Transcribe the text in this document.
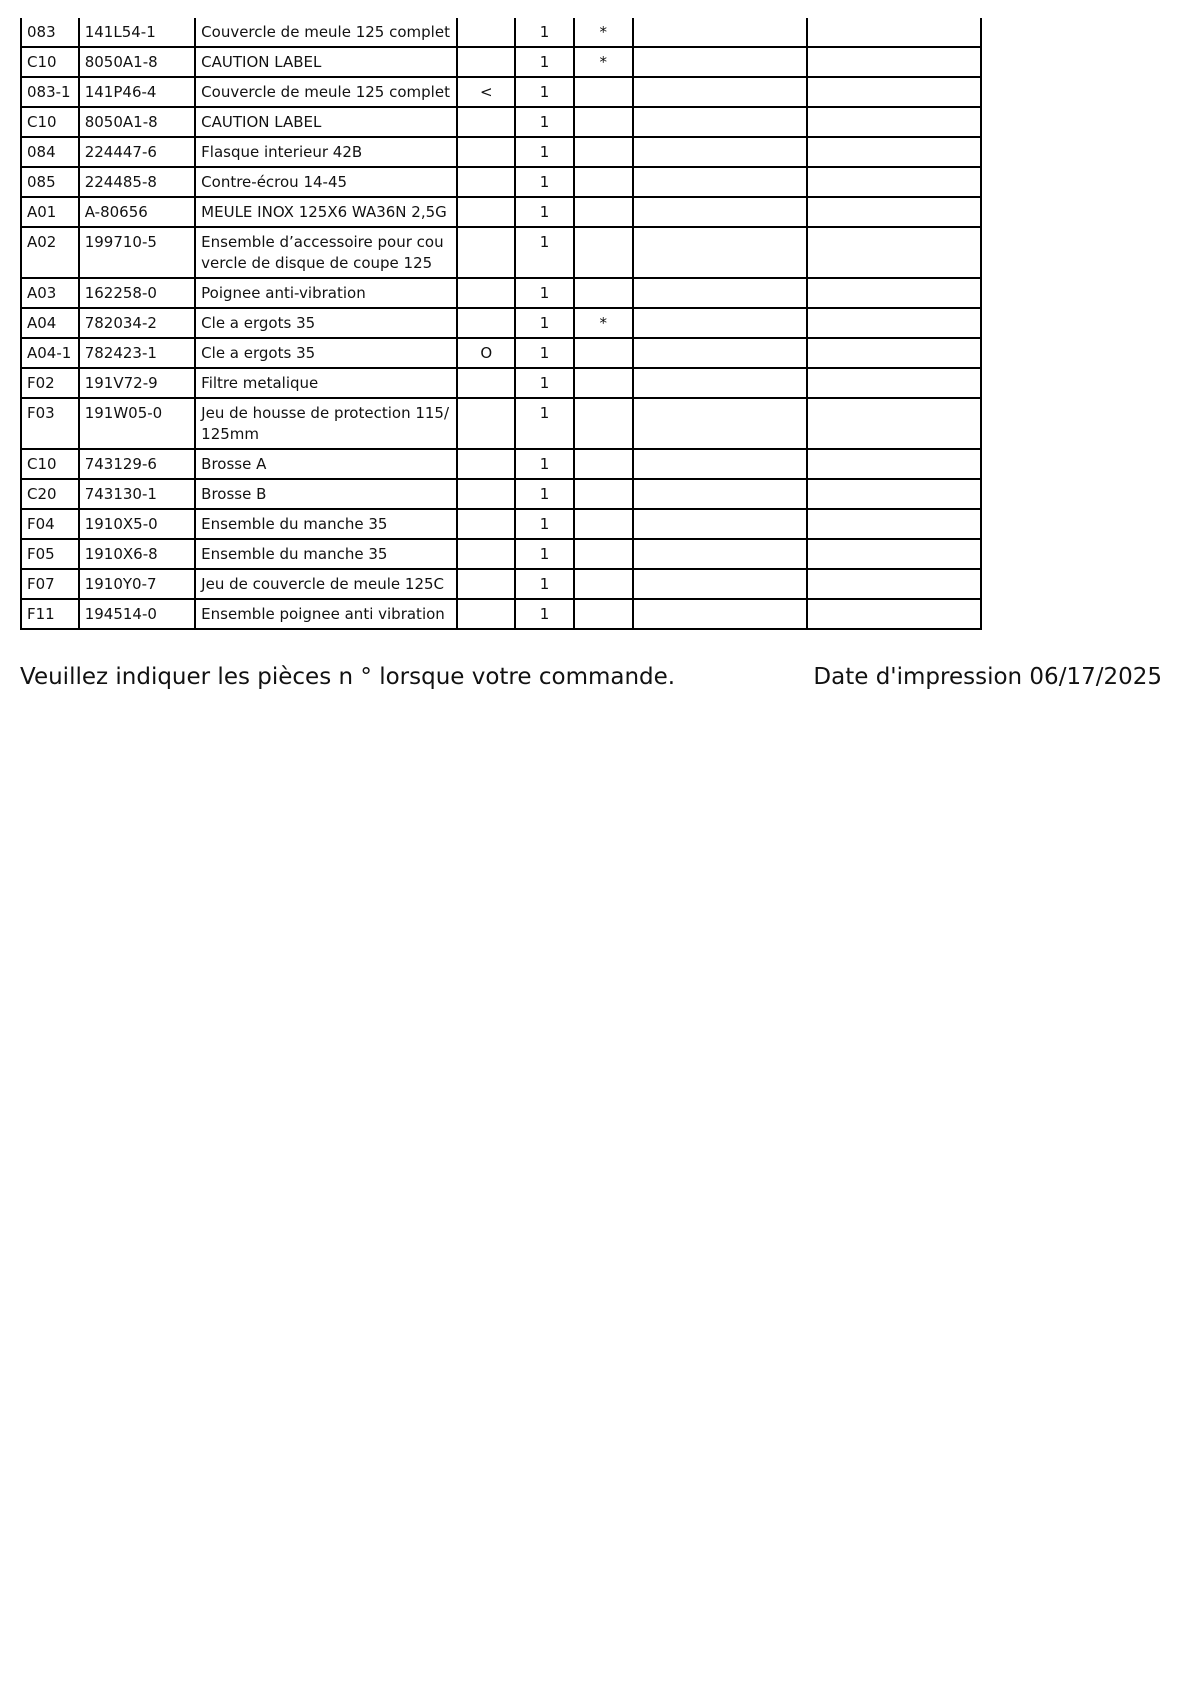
083	141L54-1	Couvercle de meule 125 complet		1	*		
C10	8050A1-8	CAUTION LABEL		1	*		
083-1	141P46-4	Couvercle de meule 125 complet	<	1			
C10	8050A1-8	CAUTION LABEL		1			
084	224447-6	Flasque interieur 42B		1			
085	224485-8	Contre-écrou 14-45		1			
A01	A-80656	MEULE INOX 125X6 WA36N 2,5G		1			
A02	199710-5	Ensemble d’accessoire pour couvercle de disque de coupe 125		1			
A03	162258-0	Poignee anti-vibration		1			
A04	782034-2	Cle a ergots 35		1	*		
A04-1	782423-1	Cle a ergots 35	O	1			
F02	191V72-9	Filtre metalique		1			
F03	191W05-0	Jeu de housse de protection 115/125mm		1			
C10	743129-6	Brosse A		1			
C20	743130-1	Brosse B		1			
F04	1910X5-0	Ensemble du manche 35		1			
F05	1910X6-8	Ensemble du manche 35		1			
F07	1910Y0-7	Jeu de couvercle de meule 125C		1			
F11	194514-0	Ensemble poignee anti vibration		1			
Veuillez indiquer les pièces n ° lorsque votre commande.	Date d'impression 06/17/2025
